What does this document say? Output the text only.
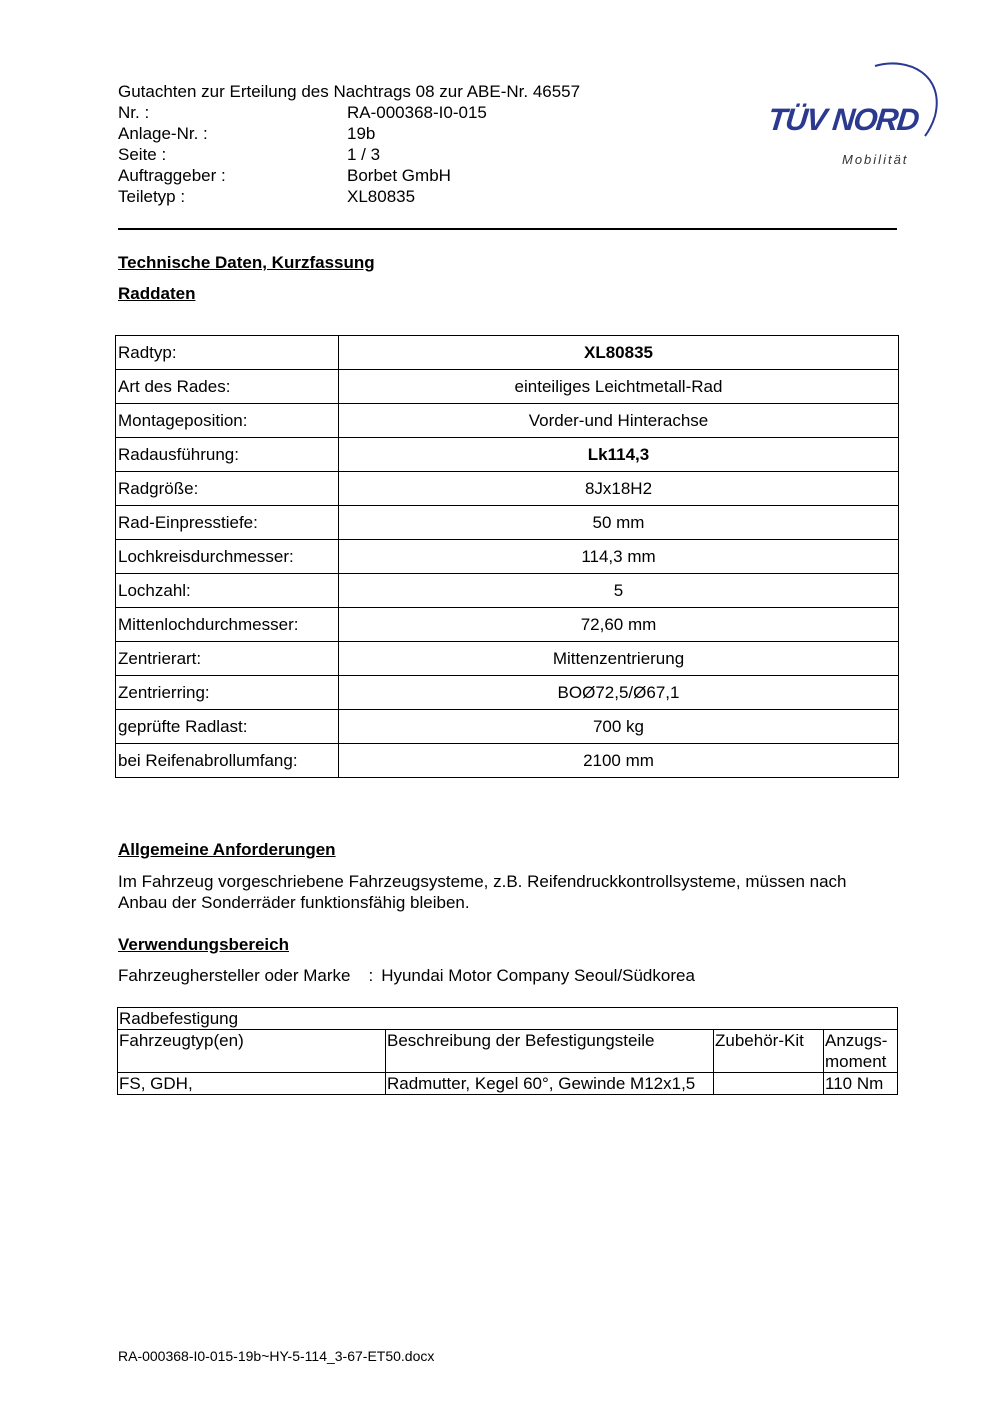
Gutachten zur Erteilung des Nachtrags 08 zur ABE-Nr. 46557
Nr. :	RA-000368-I0-015
Anlage-Nr. :	19b
Seite :	1 / 3
Auftraggeber :	Borbet GmbH
Teiletyp :	XL80835
TÜV NORD
Mobilität
Technische Daten, Kurzfassung
Raddaten
Radtyp:	XL80835
Art des Rades:	einteiliges Leichtmetall-Rad
Montageposition:	Vorder-und Hinterachse
Radausführung:	Lk114,3
Radgröße:	8Jx18H2
Rad-Einpresstiefe:	50 mm
Lochkreisdurchmesser:	114,3 mm
Lochzahl:	5
Mittenlochdurchmesser:	72,60 mm
Zentrierart:	Mittenzentrierung
Zentrierring:	BOØ72,5/Ø67,1
geprüfte Radlast:	700 kg
bei Reifenabrollumfang:	2100 mm
Allgemeine Anforderungen
Im Fahrzeug vorgeschriebene Fahrzeugsysteme, z.B. Reifendruckkontrollsysteme, müssen nach Anbau der Sonderräder funktionsfähig bleiben.
Verwendungsbereich
Fahrzeughersteller oder Marke : Hyundai Motor Company Seoul/Südkorea
Radbefestigung			
Fahrzeugtyp(en)	Beschreibung der Befestigungsteile	Zubehör-Kit	Anzugs-moment
FS, GDH,	Radmutter, Kegel 60°, Gewinde M12x1,5		110 Nm
RA-000368-I0-015-19b~HY-5-114_3-67-ET50.docx
